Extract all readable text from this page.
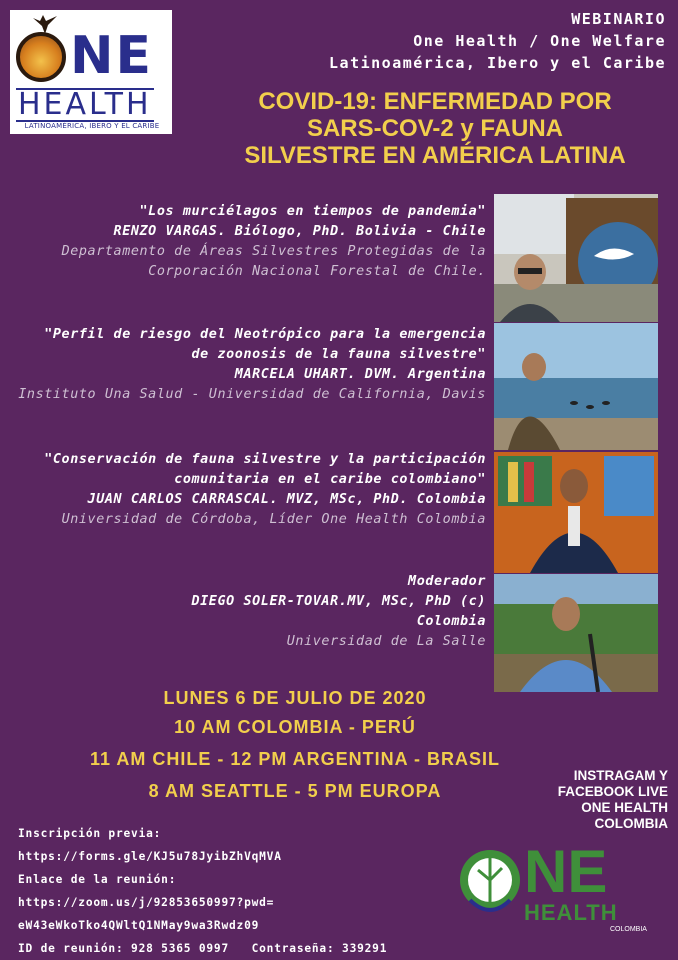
NE
HEALTH
LATINOAMÉRICA, IBERO Y EL CARIBE
WEBINARIO
One Health / One Welfare
Latinoamérica, Ibero y el Caribe
COVID-19: ENFERMEDAD POR
SARS-COV-2 y FAUNA
SILVESTRE EN AMÉRICA LATINA
"Los murciélagos en tiempos de pandemia"
RENZO VARGAS. Biólogo, PhD. Bolivia - Chile
Departamento de Áreas Silvestres Protegidas de la
Corporación Nacional Forestal de Chile.
"Perfil de riesgo del Neotrópico para la emergencia
de zoonosis de la fauna silvestre"
MARCELA UHART. DVM. Argentina
Instituto Una Salud - Universidad de California, Davis
"Conservación de fauna silvestre y la participación
comunitaria en el caribe colombiano"
JUAN CARLOS CARRASCAL. MVZ, MSc, PhD. Colombia
Universidad de Córdoba, Líder One Health Colombia
Moderador
DIEGO SOLER-TOVAR.MV, MSc, PhD (c)
Colombia
Universidad de La Salle
LUNES 6 DE JULIO DE 2020
10 AM COLOMBIA - PERÚ
11 AM CHILE - 12 PM ARGENTINA - BRASIL
8 AM SEATTLE - 5 PM EUROPA
Inscripción previa:
https://forms.gle/KJ5u78JyibZhVqMVA
Enlace de la reunión:
https://zoom.us/j/92853650997?pwd=
eW43eWkoTko4QWltQ1NMay9wa3Rwdz09
ID de reunión: 928 5365 0997 Contraseña: 339291
INSTRAGAM Y
FACEBOOK LIVE
ONE HEALTH
COLOMBIA
NE
HEALTH
COLOMBIA
